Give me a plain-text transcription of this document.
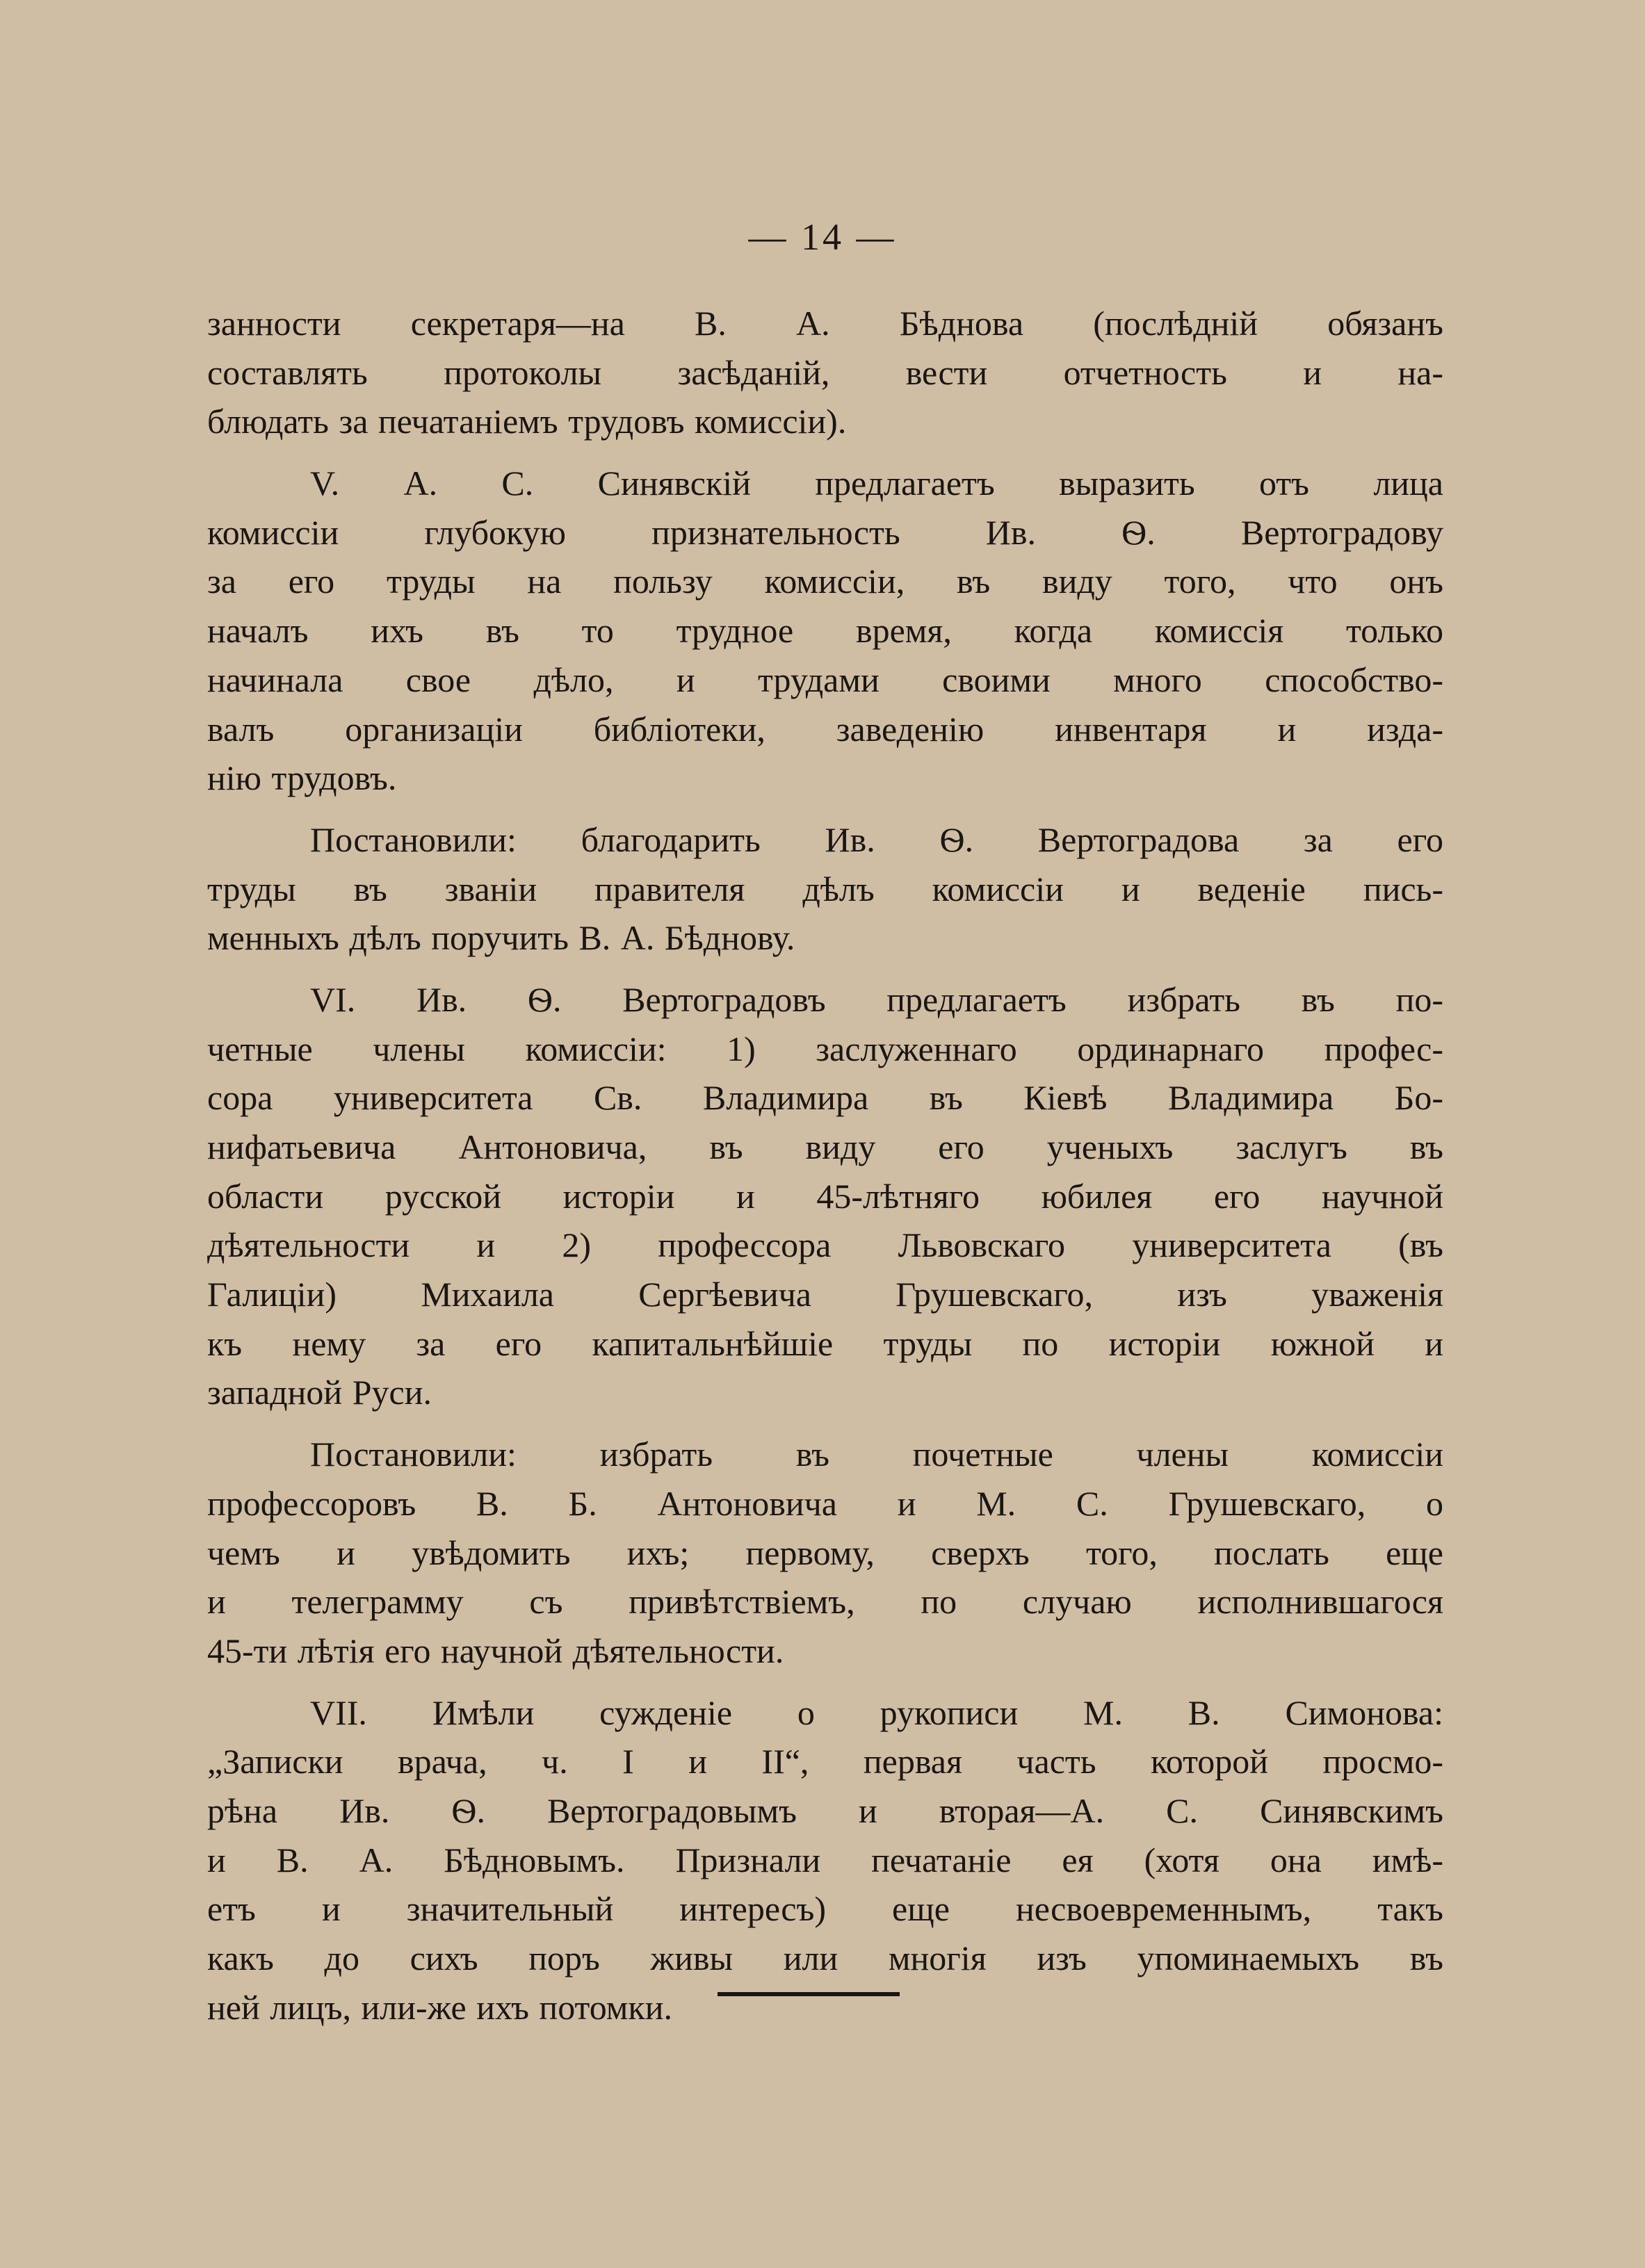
— 14 —
занности секретаря—на В. А. Бѣднова (послѣднiй обязанъ
составлять протоколы засѣданiй, вести отчетность и на-
блюдать за печатанiемъ трудовъ комиссiи).
V. А. С. Синявскiй предлагаетъ выразить отъ лица
комиссiи глубокую признательность Ив. Ѳ. Вертоградову
за его труды на пользу комиссiи, въ виду того, что онъ
началъ ихъ въ то трудное время, когда комиссiя только
начинала свое дѣло, и трудами своими много способство-
валъ организацiи библiотеки, заведенiю инвентаря и изда-
нiю трудовъ.
Постановили: благодарить Ив. Ѳ. Вертоградова за его
труды въ званiи правителя дѣлъ комиссiи и веденiе пись-
менныхъ дѣлъ поручить В. А. Бѣднову.
VI. Ив. Ѳ. Вертоградовъ предлагаетъ избрать въ по-
четные члены комиссiи: 1) заслуженнаго ординарнаго профес-
сора университета Св. Владимира въ Кiевѣ Владимира Бо-
нифатьевича Антоновича, въ виду его ученыхъ заслугъ въ
области русской исторiи и 45-лѣтняго юбилея его научной
дѣятельности и 2) профессора Львовскаго университета (въ
Галицiи) Михаила Сергѣевича Грушевскаго, изъ уваженiя
къ нему за его капитальнѣйшiе труды по исторiи южной и
западной Руси.
Постановили: избрать въ почетные члены комиссiи
профессоровъ В. Б. Антоновича и М. С. Грушевскаго, о
чемъ и увѣдомить ихъ; первому, сверхъ того, послать еще
и телеграмму съ привѣтствiемъ, по случаю исполнившагося
45-ти лѣтiя его научной дѣятельности.
VII. Имѣли сужденiе о рукописи М. В. Симонова:
„Записки врача, ч. I и II“, первая часть которой просмо-
рѣна Ив. Ѳ. Вертоградовымъ и вторая—А. С. Синявскимъ
и В. А. Бѣдновымъ. Признали печатанiе ея (хотя она имѣ-
етъ и значительный интересъ) еще несвоевременнымъ, такъ
какъ до сихъ поръ живы или многiя изъ упоминаемыхъ въ
ней лицъ, или-же ихъ потомки.
